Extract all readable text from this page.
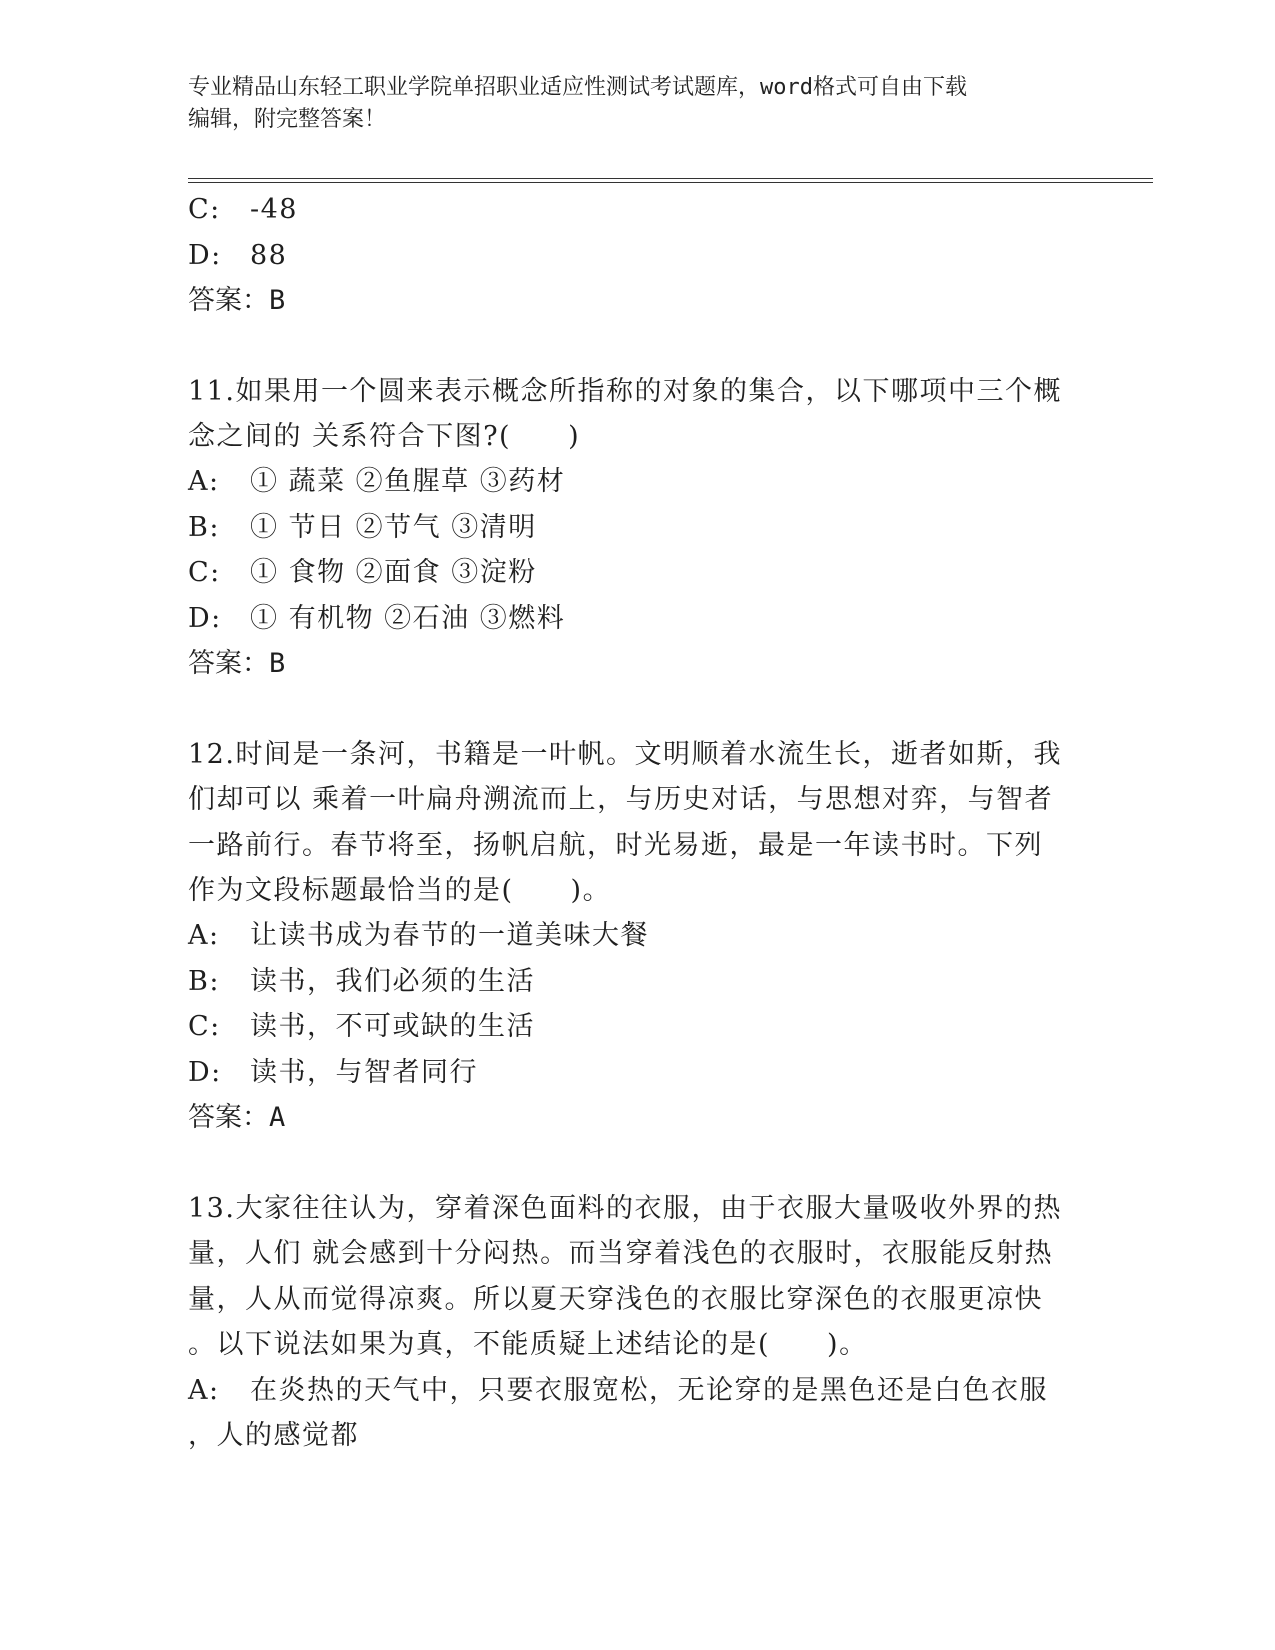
专业精品山东轻工职业学院单招职业适应性测试考试题库，word格式可自由下载
编辑，附完整答案！
C: -48
D: 88
答案：B
11.如果用一个圆来表示概念所指称的对象的集合，以下哪项中三个概
念之间的 关系符合下图?(　　)
A: ① 蔬菜 ②鱼腥草 ③药材
B: ① 节日 ②节气 ③清明
C: ① 食物 ②面食 ③淀粉
D: ① 有机物 ②石油 ③燃料
答案：B
12.时间是一条河，书籍是一叶帆。文明顺着水流生长，逝者如斯，我
们却可以 乘着一叶扁舟溯流而上，与历史对话，与思想对弈，与智者
一路前行。春节将至，扬帆启航，时光易逝，最是一年读书时。下列
作为文段标题最恰当的是(　　)。
A: 让读书成为春节的一道美味大餐
B: 读书，我们必须的生活
C: 读书，不可或缺的生活
D: 读书，与智者同行
答案：A
13.大家往往认为，穿着深色面料的衣服，由于衣服大量吸收外界的热
量，人们 就会感到十分闷热。而当穿着浅色的衣服时，衣服能反射热
量，人从而觉得凉爽。所以夏天穿浅色的衣服比穿深色的衣服更凉快
。以下说法如果为真，不能质疑上述结论的是(　　)。
A: 在炎热的天气中，只要衣服宽松，无论穿的是黑色还是白色衣服
，人的感觉都
